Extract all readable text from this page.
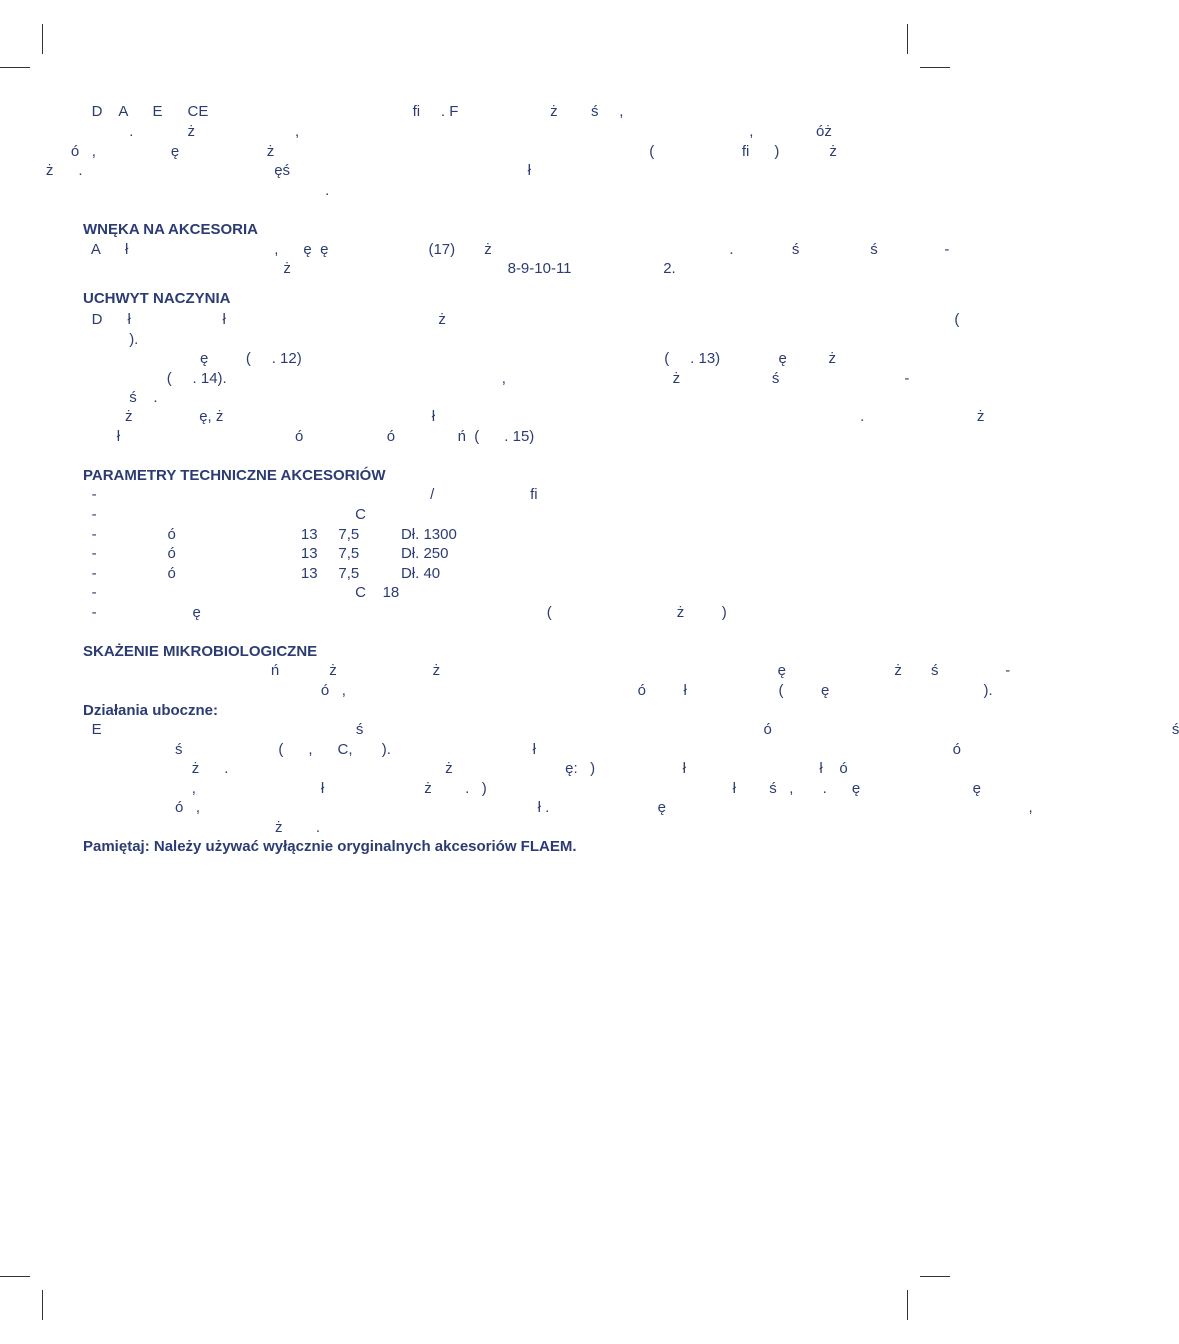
D    A      E      CE                                                 fi     . F                      ż        ś     ,
.             ż                        ,                                                                                                            ,               óż
ó   ,                  ę                     ż                                                                                          (                     fi      )            ż
ż      .                                              ęś                                                         ł
.
WNĘKA NA AKCESORIA
A      ł                                   ,      ę  ę                        (17)       ż                                                         .              ś                 ś                -
ż                                                    8-9-10-11                      2.
UCHWYT NACZYNIA
D      ł                      ł                                                   ż                                                                                                                          (
).
ę         (     . 12)                                                                                       (     . 13)              ę          ż
(     . 14).                                                                  ,                                        ż                      ś                              -
ś    .
ż                ę, ż                                                  ł                                                                                                      .                           ż
ł                                          ó                    ó               ń  (      . 15)
PARAMETRY TECHNICZNE AKCESORIÓW
-                                                                                /                       fi
-                                                              C
-                 ó                              13     7,5          Dł. 1300
-                 ó                              13     7,5          Dł. 250
-                 ó                              13     7,5          Dł. 40
-                                                              C    18
-                       ę                                                                                   (                              ż         )
SKAŻENIE MIKROBIOLOGICZNE
ń            ż                       ż                                                                                 ę                          ż       ś                -
ó   ,                                                                      ó         ł                      (         ę                                     ).
Działania uboczne:
E                                                             ś                                                                                                ó                                                                                                ś
ś                       (      ,      C,       ).                                  ł                                                                                                    ó
ż      .                                                    ż                           ę:   )                     ł                                ł    ó
,                              ł                        ż        .   )                                                           ł        ś   ,       .      ę                           ę
ó   ,                                                                                 ł .                          ę                                                                                       ,
ż        .
Pamiętaj: Należy używać wyłącznie oryginalnych akcesoriów FLAEM.
